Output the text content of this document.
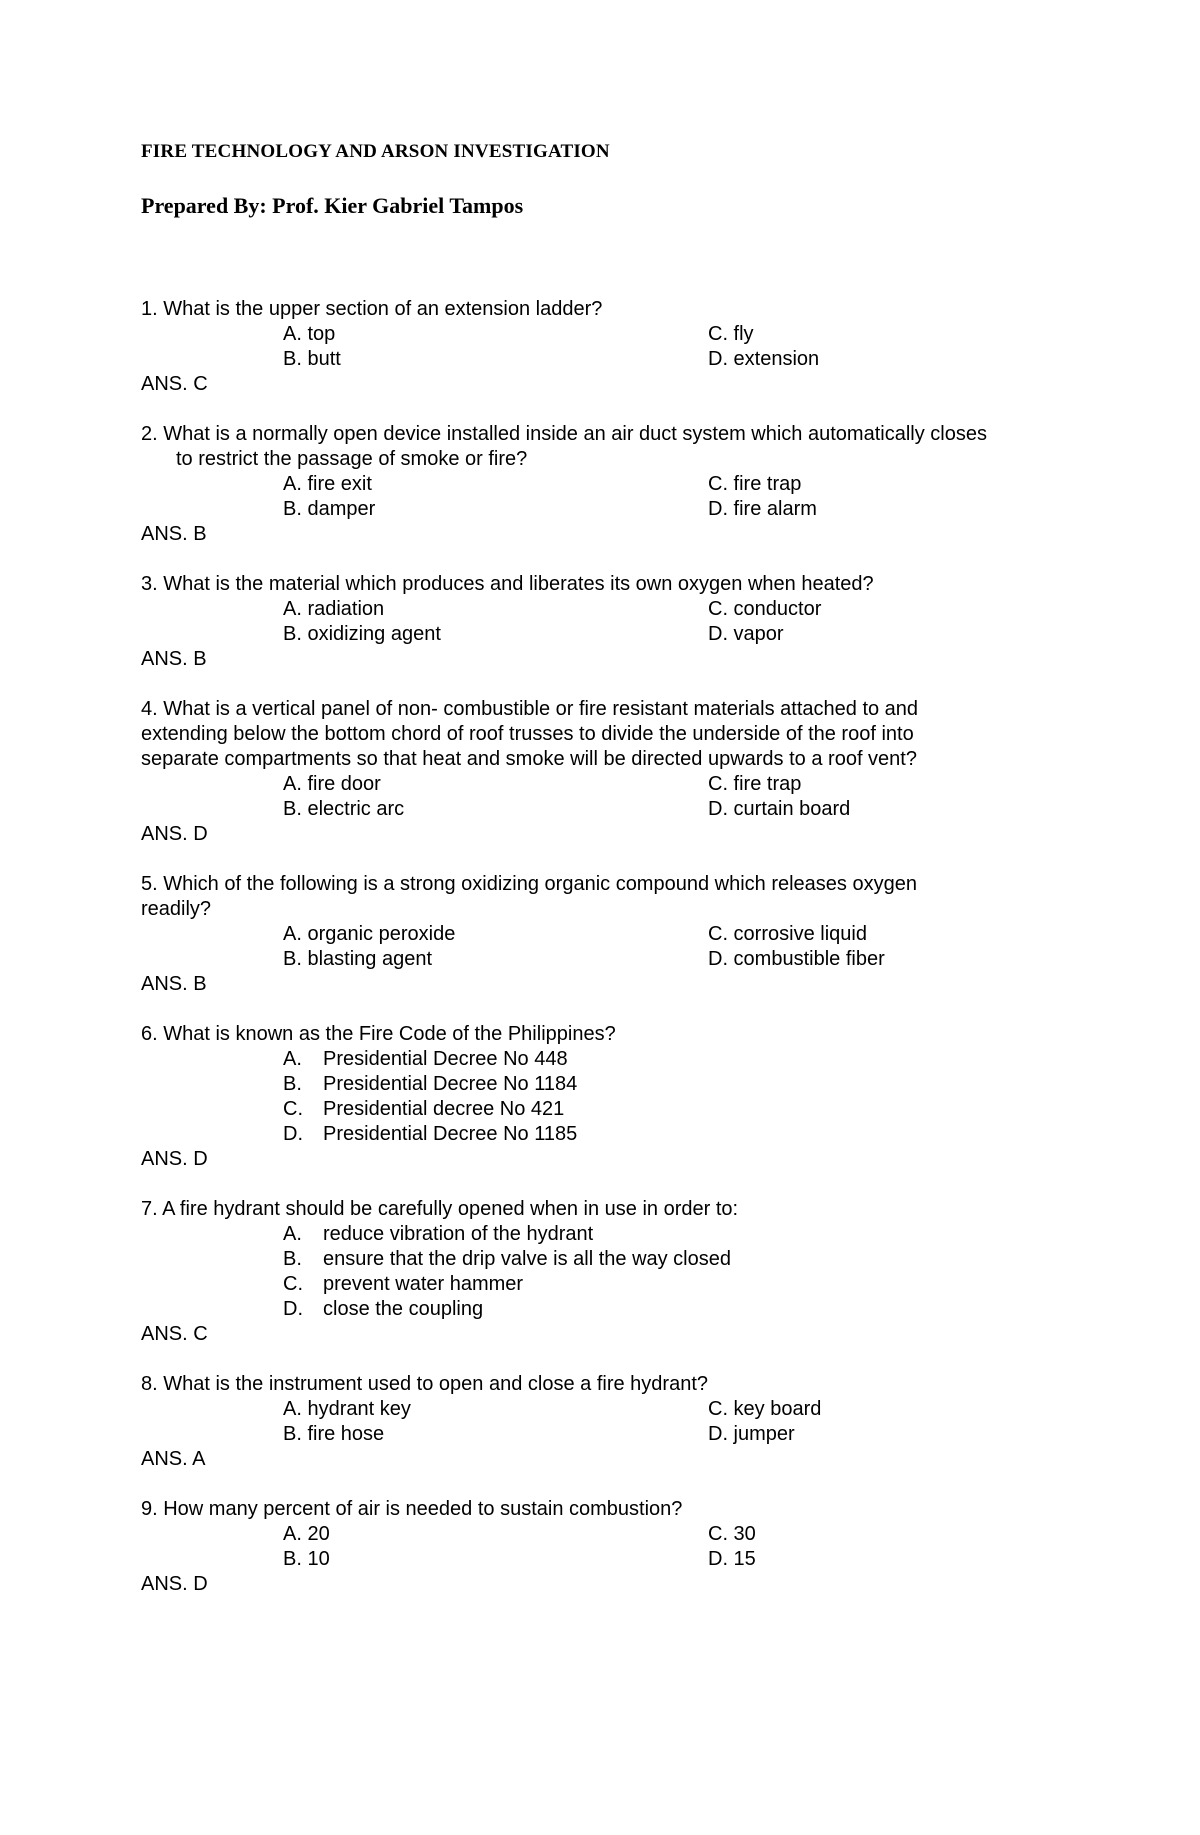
FIRE TECHNOLOGY AND ARSON INVESTIGATION
Prepared By: Prof. Kier Gabriel Tampos
1. What is the upper section of an extension ladder?
A. top	C. fly
B. butt	D. extension
ANS. C
2. What is a normally open device installed inside an air duct system which automatically closes
to restrict the passage of smoke or fire?
A. fire exit	C. fire trap
B. damper	D. fire alarm
ANS. B
3. What is the material which produces and liberates its own oxygen when heated?
A. radiation	C. conductor
B. oxidizing agent	D. vapor
ANS. B
4. What is a vertical panel of non- combustible or fire resistant materials attached to and
extending below the bottom chord of roof trusses to divide the underside of the roof into
separate compartments so that heat and smoke will be directed upwards to a roof vent?
A. fire door	C. fire trap
B. electric arc	D. curtain board
ANS. D
5. Which of the following is a strong oxidizing organic compound which releases oxygen
readily?
A. organic peroxide	C. corrosive liquid
B. blasting agent	D. combustible fiber
ANS. B
6. What is known as the Fire Code of the Philippines?
A. Presidential Decree No 448
B. Presidential Decree No 1184
C. Presidential decree No 421
D. Presidential Decree No 1185
ANS. D
7. A fire hydrant should be carefully opened when in use in order to:
A. reduce vibration of the hydrant
B. ensure that the drip valve is all the way closed
C. prevent water hammer
D. close the coupling
ANS. C
8. What is the instrument used to open and close a fire hydrant?
A. hydrant key	C. key board
B. fire hose	D. jumper
ANS. A
9. How many percent of air is needed to sustain combustion?
A. 20	C. 30
B. 10	D. 15
ANS. D
